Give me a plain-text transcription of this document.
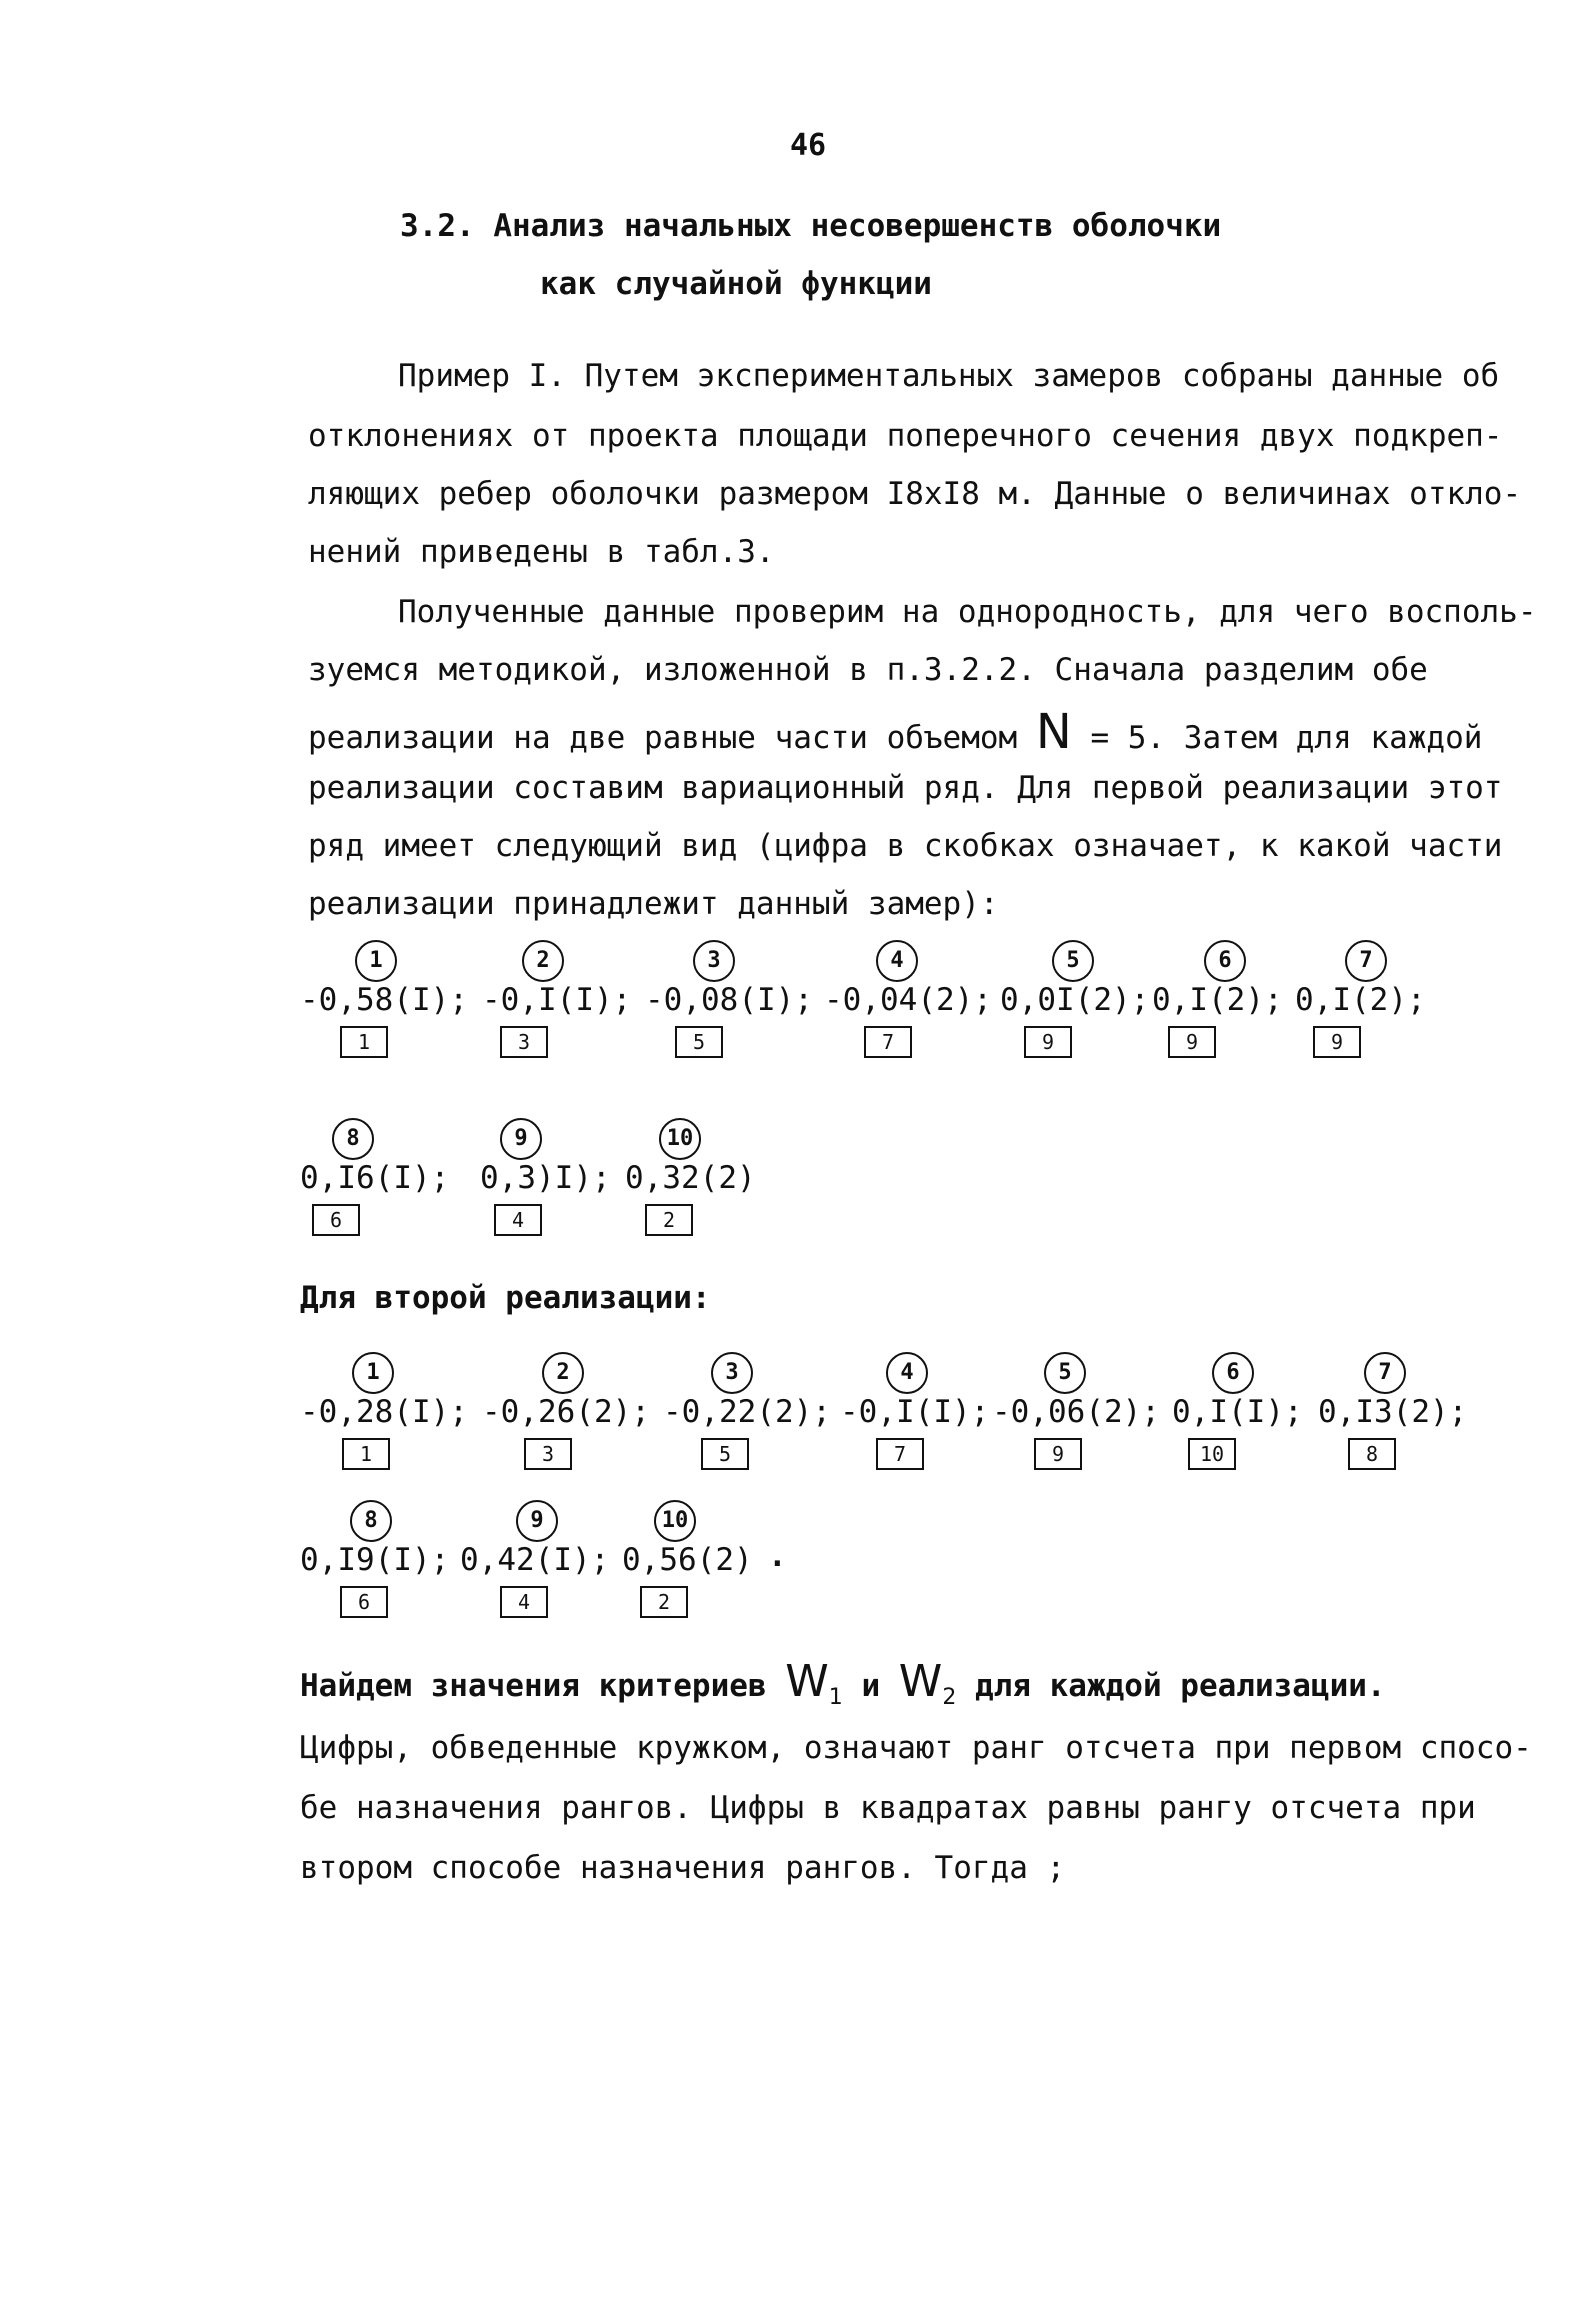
46
3.2. Анализ начальных несовершенств оболочки
как случайной функции
Пример I. Путем экспериментальных замеров собраны данные об
отклонениях от проекта площади поперечного сечения двух подкреп-
ляющих ребер оболочки размером I8xI8 м. Данные о величинах откло-
нений приведены в табл.3.
Полученные данные проверим на однородность, для чего восполь-
зуемся методикой, изложенной в п.3.2.2. Сначала разделим обе
реализации на две равные части объемом N = 5. Затем для каждой
реализации составим вариационный ряд. Для первой реализации этот
ряд имеет следующий вид (цифра в скобках означает, к какой части
реализации принадлежит данный замер):
1
-0,58(I);
1
2
-0,I(I);
3
3
-0,08(I);
5
4
-0,04(2);
7
5
0,0I(2);
9
6
0,I(2);
9
7
0,I(2);
9
8
0,I6(I);
6
9
0,3)I);
4
10
0,32(2)
2
Для второй реализации:
1
-0,28(I);
1
2
-0,26(2);
3
3
-0,22(2);
5
4
-0,I(I);
7
5
-0,06(2);
9
6
0,I(I);
10
7
0,I3(2);
8
8
0,I9(I);
6
9
0,42(I);
4
10
0,56(2)
2
.
Найдем значения критериев $W_1$ и $W_2$ для каждой реализации.
Цифры, обведенные кружком, означают ранг отсчета при первом спосо-
бе назначения рангов. Цифры в квадратах равны рангу отсчета при
втором способе назначения рангов. Тогда ;
